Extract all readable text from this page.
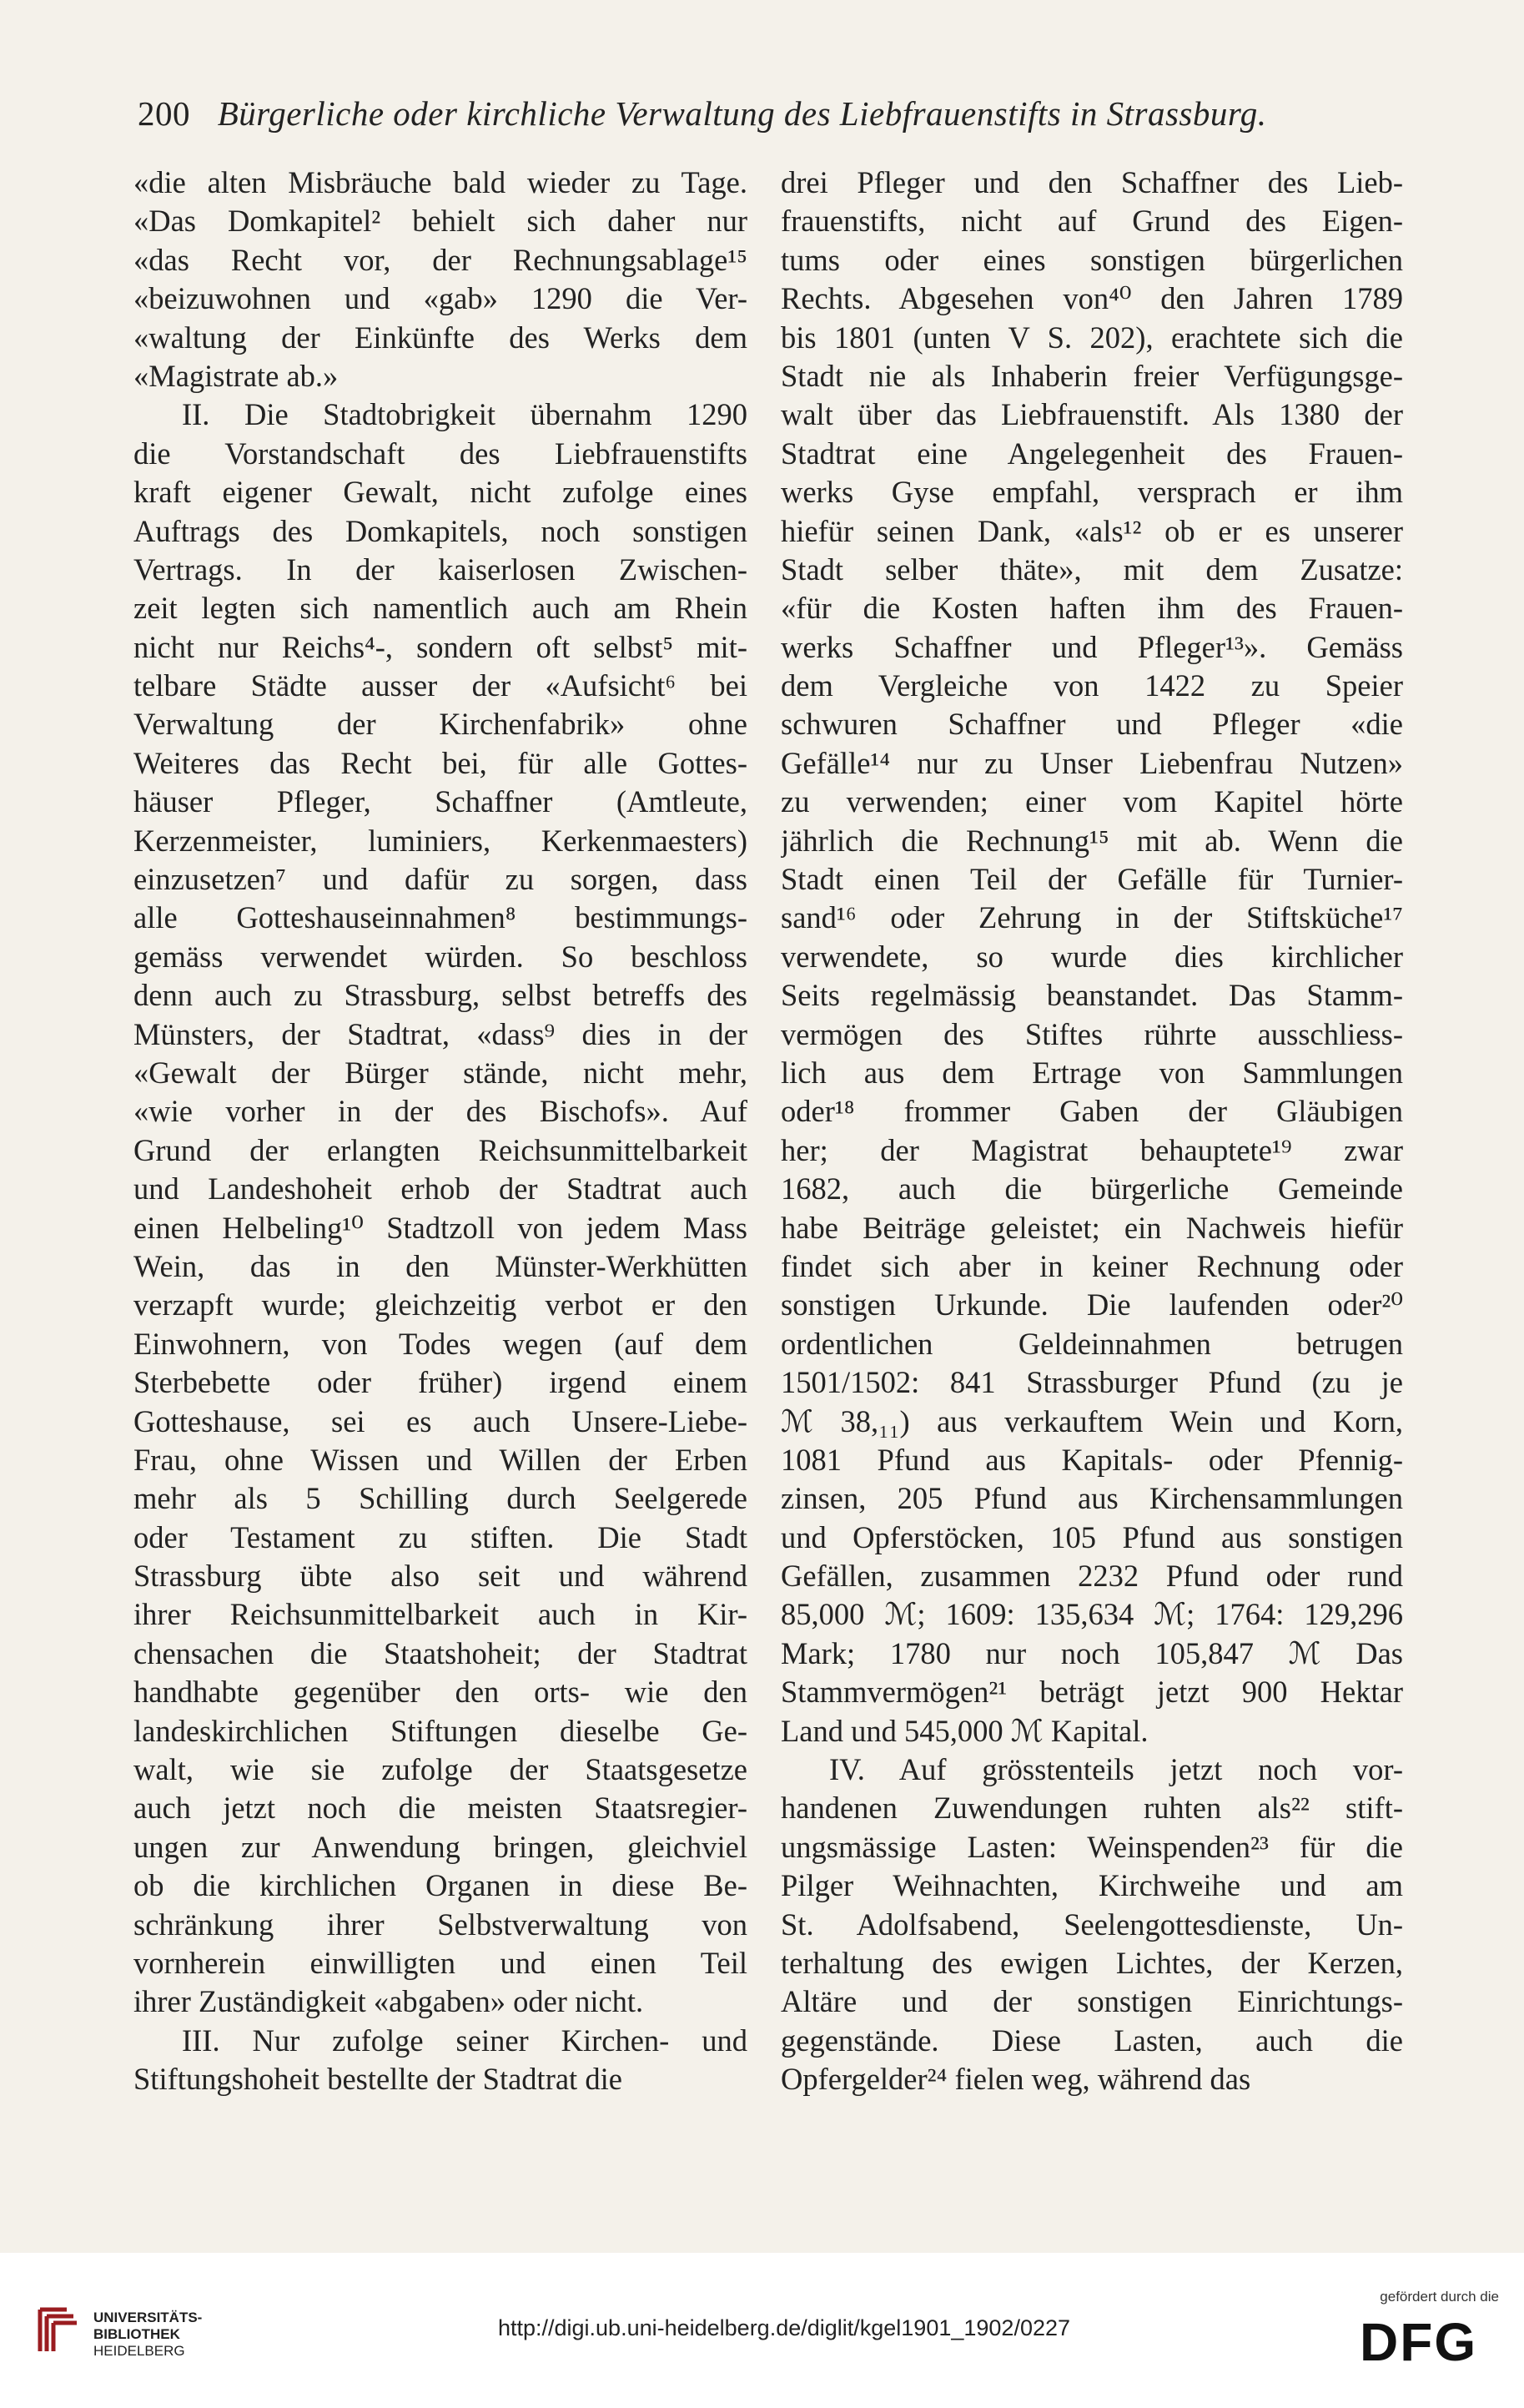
200 Bürgerliche oder kirchliche Verwaltung des Liebfrauenstifts in Strassburg.
«die alten Misbräuche bald wieder zu Tage.
«Das Domkapitel² behielt sich daher nur
«das Recht vor, der Rechnungsablage¹⁵
«beizuwohnen und «gab» 1290 die Ver-
«waltung der Einkünfte des Werks dem
«Magistrate ab.»
II. Die Stadtobrigkeit übernahm 1290
die Vorstandschaft des Liebfrauenstifts
kraft eigener Gewalt, nicht zufolge eines
Auftrags des Domkapitels, noch sonstigen
Vertrags. In der kaiserlosen Zwischen-
zeit legten sich namentlich auch am Rhein
nicht nur Reichs⁴-, sondern oft selbst⁵ mit-
telbare Städte ausser der «Aufsicht⁶ bei
Verwaltung der Kirchenfabrik» ohne
Weiteres das Recht bei, für alle Gottes-
häuser Pfleger, Schaffner (Amtleute,
Kerzenmeister, luminiers, Kerkenmaesters)
einzusetzen⁷ und dafür zu sorgen, dass
alle Gotteshauseinnahmen⁸ bestimmungs-
gemäss verwendet würden. So beschloss
denn auch zu Strassburg, selbst betreffs des
Münsters, der Stadtrat, «dass⁹ dies in der
«Gewalt der Bürger stände, nicht mehr,
«wie vorher in der des Bischofs». Auf
Grund der erlangten Reichsunmittelbarkeit
und Landeshoheit erhob der Stadtrat auch
einen Helbeling¹⁰ Stadtzoll von jedem Mass
Wein, das in den Münster-Werkhütten
verzapft wurde; gleichzeitig verbot er den
Einwohnern, von Todes wegen (auf dem
Sterbebette oder früher) irgend einem
Gotteshause, sei es auch Unsere-Liebe-
Frau, ohne Wissen und Willen der Erben
mehr als 5 Schilling durch Seelgerede
oder Testament zu stiften. Die Stadt
Strassburg übte also seit und während
ihrer Reichsunmittelbarkeit auch in Kir-
chensachen die Staatshoheit; der Stadtrat
handhabte gegenüber den orts- wie den
landeskirchlichen Stiftungen dieselbe Ge-
walt, wie sie zufolge der Staatsgesetze
auch jetzt noch die meisten Staatsregier-
ungen zur Anwendung bringen, gleichviel
ob die kirchlichen Organen in diese Be-
schränkung ihrer Selbstverwaltung von
vornherein einwilligten und einen Teil
ihrer Zuständigkeit «abgaben» oder nicht.
III. Nur zufolge seiner Kirchen- und
Stiftungshoheit bestellte der Stadtrat die
drei Pfleger und den Schaffner des Lieb-
frauenstifts, nicht auf Grund des Eigen-
tums oder eines sonstigen bürgerlichen
Rechts. Abgesehen von⁴⁰ den Jahren 1789
bis 1801 (unten V S. 202), erachtete sich die
Stadt nie als Inhaberin freier Verfügungsge-
walt über das Liebfrauenstift. Als 1380 der
Stadtrat eine Angelegenheit des Frauen-
werks Gyse empfahl, versprach er ihm
hiefür seinen Dank, «als¹² ob er es unserer
Stadt selber thäte», mit dem Zusatze:
«für die Kosten haften ihm des Frauen-
werks Schaffner und Pfleger¹³». Gemäss
dem Vergleiche von 1422 zu Speier
schwuren Schaffner und Pfleger «die
Gefälle¹⁴ nur zu Unser Liebenfrau Nutzen»
zu verwenden; einer vom Kapitel hörte
jährlich die Rechnung¹⁵ mit ab. Wenn die
Stadt einen Teil der Gefälle für Turnier-
sand¹⁶ oder Zehrung in der Stiftsküche¹⁷
verwendete, so wurde dies kirchlicher
Seits regelmässig beanstandet. Das Stamm-
vermögen des Stiftes rührte ausschliess-
lich aus dem Ertrage von Sammlungen
oder¹⁸ frommer Gaben der Gläubigen
her; der Magistrat behauptete¹⁹ zwar
1682, auch die bürgerliche Gemeinde
habe Beiträge geleistet; ein Nachweis hiefür
findet sich aber in keiner Rechnung oder
sonstigen Urkunde. Die laufenden oder²⁰
ordentlichen Geldeinnahmen betrugen
1501/1502: 841 Strassburger Pfund (zu je
ℳ 38,₁₁) aus verkauftem Wein und Korn,
1081 Pfund aus Kapitals- oder Pfennig-
zinsen, 205 Pfund aus Kirchensammlungen
und Opferstöcken, 105 Pfund aus sonstigen
Gefällen, zusammen 2232 Pfund oder rund
85,000 ℳ; 1609: 135,634 ℳ; 1764: 129,296
Mark; 1780 nur noch 105,847 ℳ Das
Stammvermögen²¹ beträgt jetzt 900 Hektar
Land und 545,000 ℳ Kapital.
IV. Auf grösstenteils jetzt noch vor-
handenen Zuwendungen ruhten als²² stift-
ungsmässige Lasten: Weinspenden²³ für die
Pilger Weihnachten, Kirchweihe und am
St. Adolfsabend, Seelengottesdienste, Un-
terhaltung des ewigen Lichtes, der Kerzen,
Altäre und der sonstigen Einrichtungs-
gegenstände. Diese Lasten, auch die
Opfergelder²⁴ fielen weg, während das
UNIVERSITÄTS-
BIBLIOTHEK
HEIDELBERG
http://digi.ub.uni-heidelberg.de/diglit/kgel1901_1902/0227
gefördert durch die
DFG
